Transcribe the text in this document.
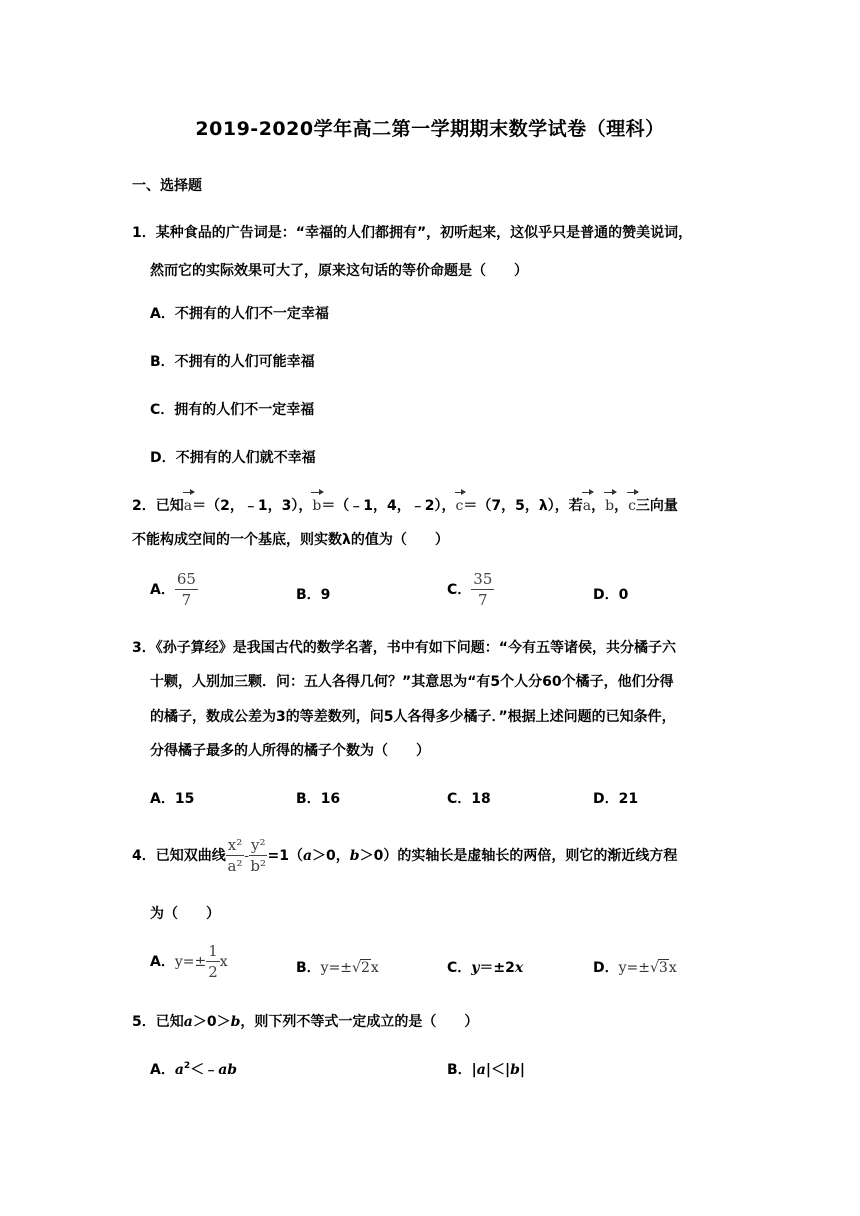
2019-2020学年高二第一学期期末数学试卷（理科）
一、选择题
1．某种食品的广告词是：“幸福的人们都拥有”，初听起来，这似乎只是普通的赞美说词，
然而它的实际效果可大了，原来这句话的等价命题是（　　）
A．不拥有的人们不一定幸福
B．不拥有的人们可能幸福
C．拥有的人们不一定幸福
D．不拥有的人们就不幸福
2．已知a＝（2，﹣1，3），b＝（﹣1，4，﹣2），c＝（7，5，λ），若a，b，c三向量
不能构成空间的一个基底，则实数λ的值为（　　）
A． $\frac{65}{7}$	B．9	C． $\frac{35}{7}$	D．0
3．《孙子算经》是我国古代的数学名著，书中有如下问题：“今有五等诸侯，共分橘子六
十颗，人别加三颗．问：五人各得几何？”其意思为“有5个人分60个橘子，他们分得
的橘子，数成公差为3的等差数列，问5人各得多少橘子．”根据上述问题的已知条件，
分得橘子最多的人所得的橘子个数为（　　）
A．15	B．16	C．18	D．21
4．已知双曲线 $\frac{\text{x²}}{\text{a²}} - \frac{\text{y²}}{\text{b²}} =1(a>0$，b＞0）的实轴长是虚轴长的两倍，则它的渐近线方程
为（　　）
A．$y=\pm \frac{1}{2}$ x	B．y=±√2x	C．y＝±2x	D．y=±√3x
5．已知a＞0＞b，则下列不等式一定成立的是（　　）
A．$a^2<﹣ab$	B．|a|＜|b|
